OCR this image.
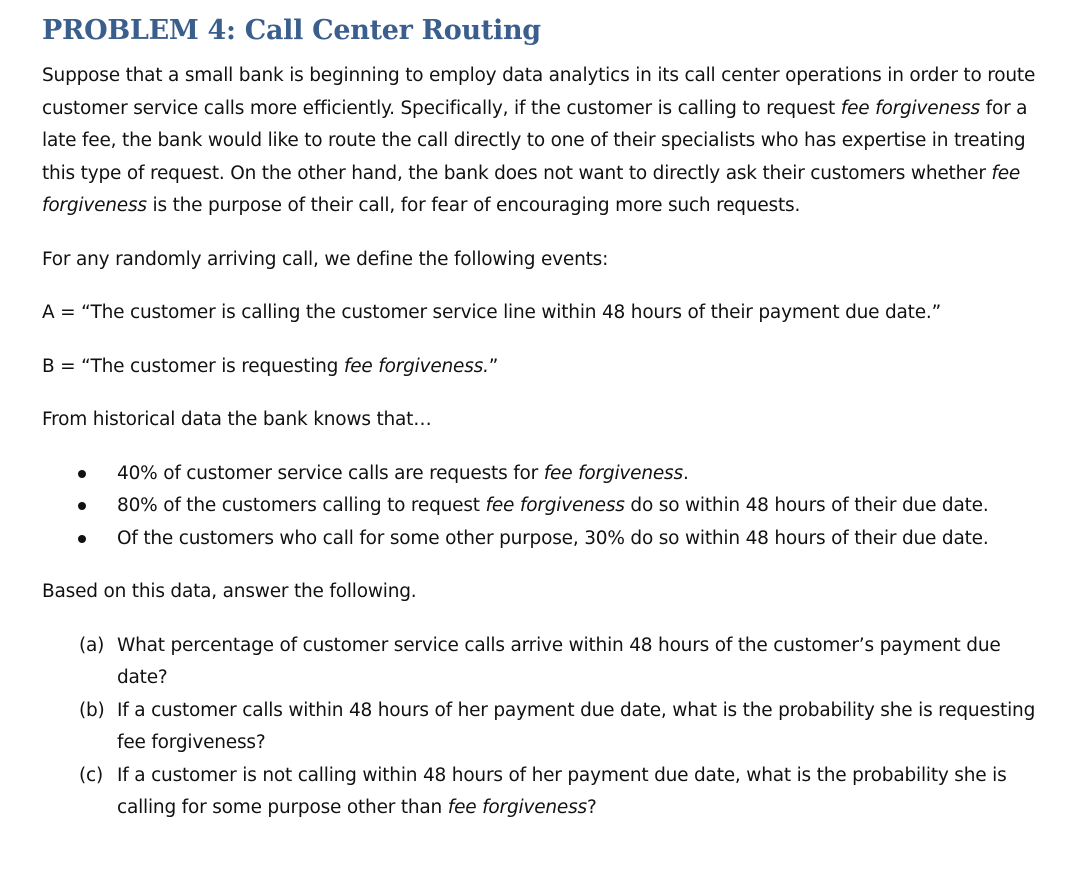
PROBLEM 4: Call Center Routing

Suppose that a small bank is beginning to employ data analytics in its call center operations in order to route customer service calls more efficiently. Specifically, if the customer is calling to request fee forgiveness for a late fee, the bank would like to route the call directly to one of their specialists who has expertise in treating this type of request. On the other hand, the bank does not want to directly ask their customers whether fee forgiveness is the purpose of their call, for fear of encouraging more such requests.

For any randomly arriving call, we define the following events:

A = “The customer is calling the customer service line within 48 hours of their payment due date.”

B = “The customer is requesting fee forgiveness.”

From historical data the bank knows that…

40% of customer service calls are requests for fee forgiveness.
80% of the customers calling to request fee forgiveness do so within 48 hours of their due date.
Of the customers who call for some other purpose, 30% do so within 48 hours of their due date.

Based on this data, answer the following.

(a) What percentage of customer service calls arrive within 48 hours of the customer’s payment due date?
(b) If a customer calls within 48 hours of her payment due date, what is the probability she is requesting fee forgiveness?
(c) If a customer is not calling within 48 hours of her payment due date, what is the probability she is calling for some purpose other than fee forgiveness?
